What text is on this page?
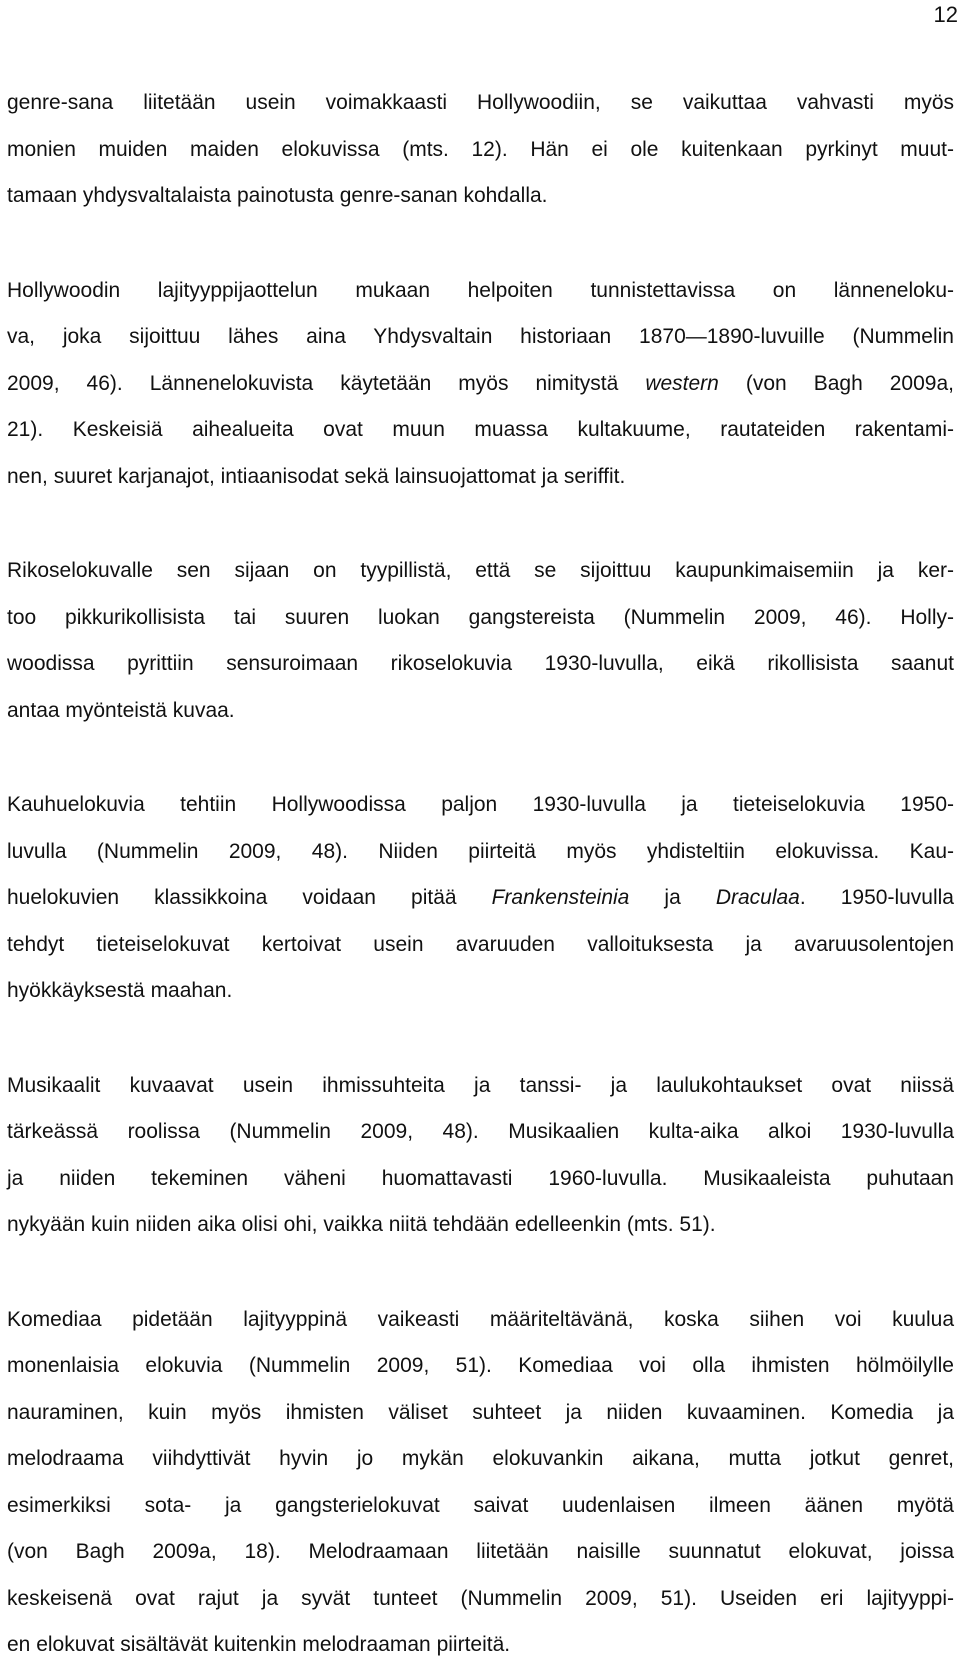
12

genre-sana liitetään usein voimakkaasti Hollywoodiin, se vaikuttaa vahvasti myös
monien muiden maiden elokuvissa (mts. 12). Hän ei ole kuitenkaan pyrkinyt muut-
tamaan yhdysvaltalaista painotusta genre-sanan kohdalla.

Hollywoodin lajityyppijaottelun mukaan helpoiten tunnistettavissa on länneneloku-
va, joka sijoittuu lähes aina Yhdysvaltain historiaan 1870—1890-luvuille (Nummelin
2009, 46). Lännenelokuvista käytetään myös nimitystä western (von Bagh 2009a,
21). Keskeisiä aihealueita ovat muun muassa kultakuume, rautateiden rakentami-
nen, suuret karjanajot, intiaanisodat sekä lainsuojattomat ja seriffit.

Rikoselokuvalle sen sijaan on tyypillistä, että se sijoittuu kaupunkimaisemiin ja ker-
too pikkurikollisista tai suuren luokan gangstereista (Nummelin 2009, 46). Holly-
woodissa pyrittiin sensuroimaan rikoselokuvia 1930-luvulla, eikä rikollisista saanut
antaa myönteistä kuvaa.

Kauhuelokuvia tehtiin Hollywoodissa paljon 1930-luvulla ja tieteiselokuvia 1950-
luvulla (Nummelin 2009, 48). Niiden piirteitä myös yhdisteltiin elokuvissa. Kau-
huelokuvien klassikkoina voidaan pitää Frankensteinia ja Draculaa. 1950-luvulla
tehdyt tieteiselokuvat kertoivat usein avaruuden valloituksesta ja avaruusolentojen
hyökkäyksestä maahan.

Musikaalit kuvaavat usein ihmissuhteita ja tanssi- ja laulukohtaukset ovat niissä
tärkeässä roolissa (Nummelin 2009, 48). Musikaalien kulta-aika alkoi 1930-luvulla
ja niiden tekeminen väheni huomattavasti 1960-luvulla. Musikaaleista puhutaan
nykyään kuin niiden aika olisi ohi, vaikka niitä tehdään edelleenkin (mts. 51).

Komediaa pidetään lajityyppinä vaikeasti määriteltävänä, koska siihen voi kuulua
monenlaisia elokuvia (Nummelin 2009, 51). Komediaa voi olla ihmisten hölmöilylle
nauraminen, kuin myös ihmisten väliset suhteet ja niiden kuvaaminen. Komedia ja
melodraama viihdyttivät hyvin jo mykän elokuvankin aikana, mutta jotkut genret,
esimerkiksi sota- ja gangsterielokuvat saivat uudenlaisen ilmeen äänen myötä
(von Bagh 2009a, 18). Melodraamaan liitetään naisille suunnatut elokuvat, joissa
keskeisenä ovat rajut ja syvät tunteet (Nummelin 2009, 51). Useiden eri lajityyppi-
en elokuvat sisältävät kuitenkin melodraaman piirteitä.
